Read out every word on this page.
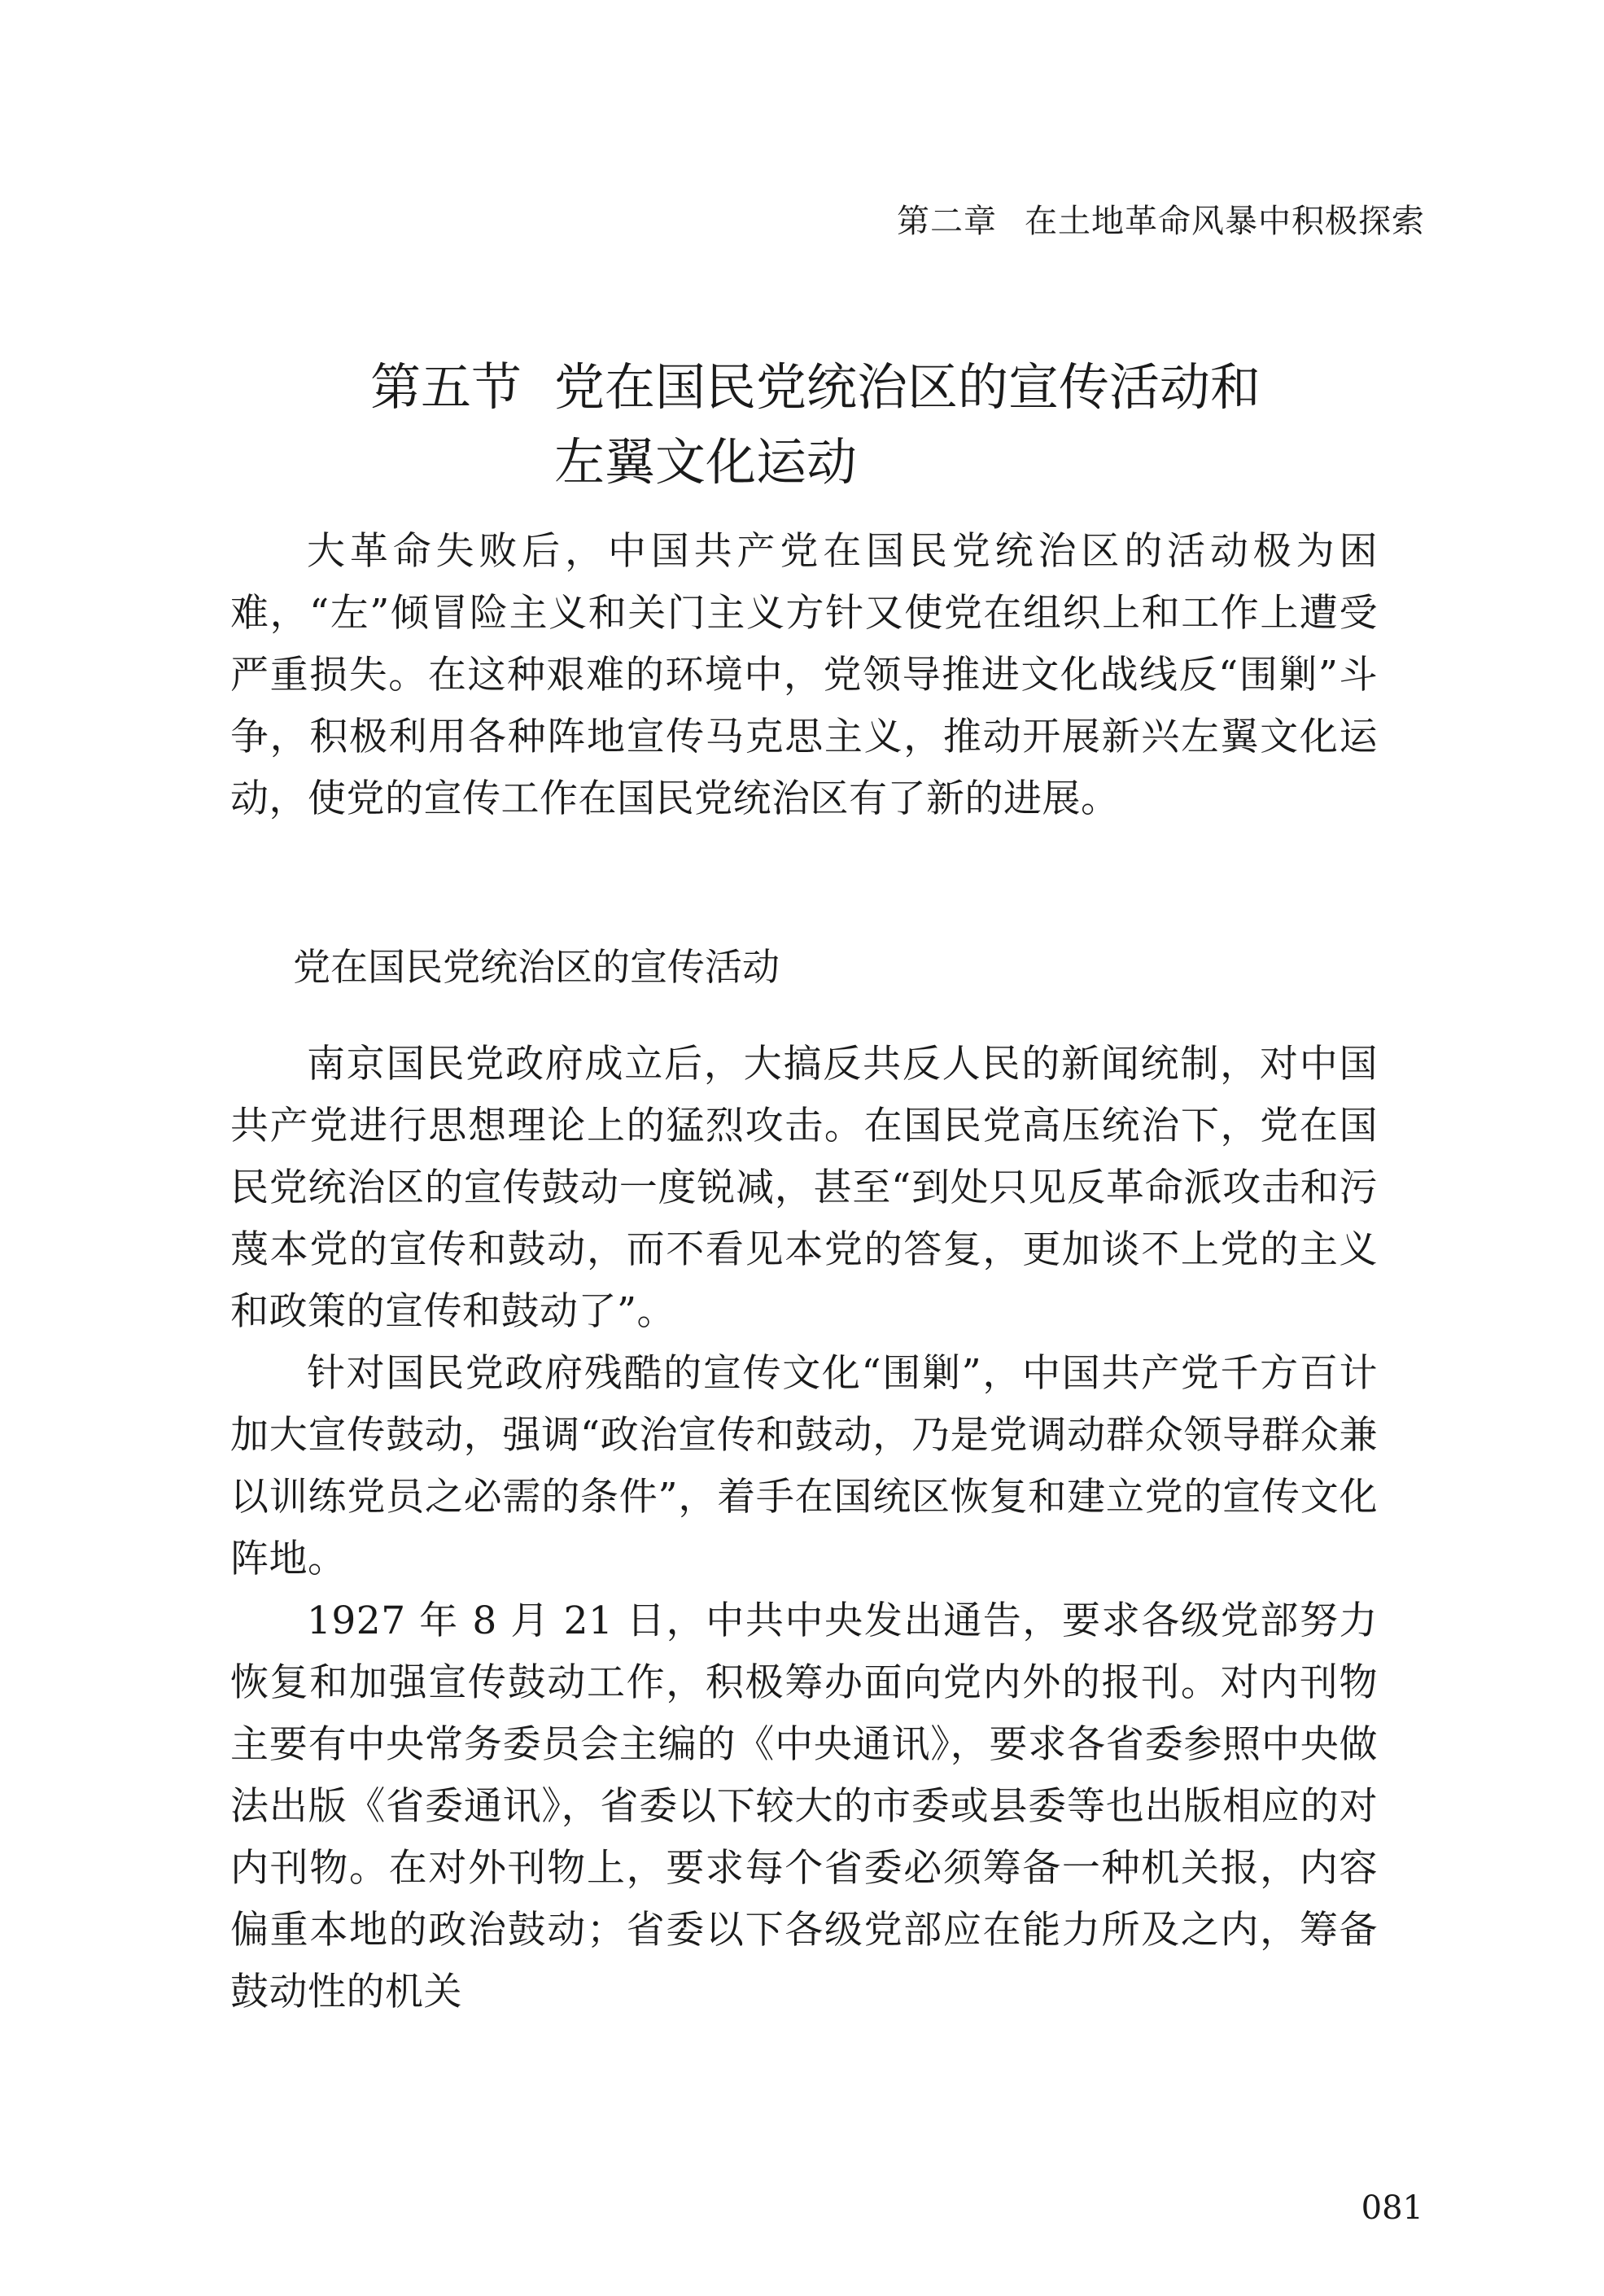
第二章 在土地革命风暴中积极探索
第五节 党在国民党统治区的宣传活动和
左翼文化运动

大革命失败后，中国共产党在国民党统治区的活动极为困难，“左”倾冒险主义和关门主义方针又使党在组织上和工作上遭受严重损失。在这种艰难的环境中，党领导推进文化战线反“围剿”斗争，积极利用各种阵地宣传马克思主义，推动开展新兴左翼文化运动，使党的宣传工作在国民党统治区有了新的进展。

党在国民党统治区的宣传活动

南京国民党政府成立后，大搞反共反人民的新闻统制，对中国共产党进行思想理论上的猛烈攻击。在国民党高压统治下，党在国民党统治区的宣传鼓动一度锐减，甚至“到处只见反革命派攻击和污蔑本党的宣传和鼓动，而不看见本党的答复，更加谈不上党的主义和政策的宣传和鼓动了”。

针对国民党政府残酷的宣传文化“围剿”，中国共产党千方百计加大宣传鼓动，强调“政治宣传和鼓动，乃是党调动群众领导群众兼以训练党员之必需的条件”，着手在国统区恢复和建立党的宣传文化阵地。

1927 年 8 月 21 日，中共中央发出通告，要求各级党部努力恢复和加强宣传鼓动工作，积极筹办面向党内外的报刊。对内刊物主要有中央常务委员会主编的《中央通讯》，要求各省委参照中央做法出版《省委通讯》，省委以下较大的市委或县委等也出版相应的对内刊物。在对外刊物上，要求每个省委必须筹备一种机关报，内容偏重本地的政治鼓动；省委以下各级党部应在能力所及之内，筹备鼓动性的机关

081
